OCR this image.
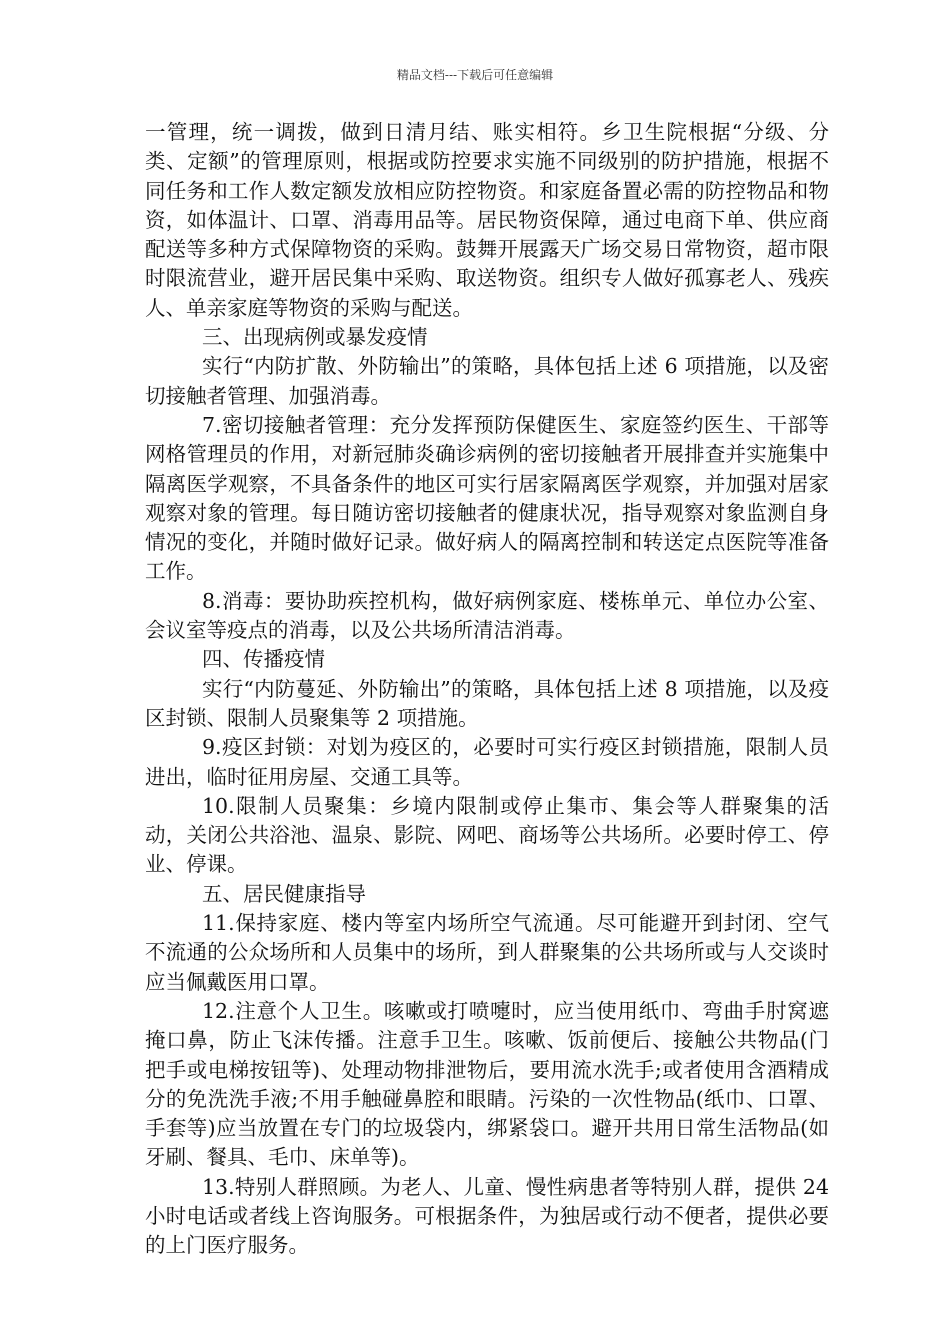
精品文档---下载后可任意编辑

一管理，统一调拨，做到日清月结、账实相符。乡卫生院根据“分级、分类、定额”的管理原则，根据或防控要求实施不同级别的防护措施，根据不同任务和工作人数定额发放相应防控物资。和家庭备置必需的防控物品和物资，如体温计、口罩、消毒用品等。居民物资保障，通过电商下单、供应商配送等多种方式保障物资的采购。鼓舞开展露天广场交易日常物资，超市限时限流营业，避开居民集中采购、取送物资。组织专人做好孤寡老人、残疾人、单亲家庭等物资的采购与配送。

三、出现病例或暴发疫情

实行“内防扩散、外防输出”的策略，具体包括上述 6 项措施，以及密切接触者管理、加强消毒。

7.密切接触者管理：充分发挥预防保健医生、家庭签约医生、干部等网格管理员的作用，对新冠肺炎确诊病例的密切接触者开展排查并实施集中隔离医学观察，不具备条件的地区可实行居家隔离医学观察，并加强对居家观察对象的管理。每日随访密切接触者的健康状况，指导观察对象监测自身情况的变化，并随时做好记录。做好病人的隔离控制和转送定点医院等准备工作。

8.消毒：要协助疾控机构，做好病例家庭、楼栋单元、单位办公室、会议室等疫点的消毒，以及公共场所清洁消毒。

四、传播疫情

实行“内防蔓延、外防输出”的策略，具体包括上述 8 项措施，以及疫区封锁、限制人员聚集等 2 项措施。

9.疫区封锁：对划为疫区的，必要时可实行疫区封锁措施，限制人员进出，临时征用房屋、交通工具等。

10.限制人员聚集：乡境内限制或停止集市、集会等人群聚集的活动，关闭公共浴池、温泉、影院、网吧、商场等公共场所。必要时停工、停业、停课。

五、居民健康指导

11.保持家庭、楼内等室内场所空气流通。尽可能避开到封闭、空气不流通的公众场所和人员集中的场所，到人群聚集的公共场所或与人交谈时应当佩戴医用口罩。

12.注意个人卫生。咳嗽或打喷嚏时，应当使用纸巾、弯曲手肘窝遮掩口鼻，防止飞沫传播。注意手卫生。咳嗽、饭前便后、接触公共物品(门把手或电梯按钮等)、处理动物排泄物后，要用流水洗手;或者使用含酒精成分的免洗洗手液;不用手触碰鼻腔和眼睛。污染的一次性物品(纸巾、口罩、手套等)应当放置在专门的垃圾袋内，绑紧袋口。避开共用日常生活物品(如牙刷、餐具、毛巾、床单等)。

13.特别人群照顾。为老人、儿童、慢性病患者等特别人群，提供 24 小时电话或者线上咨询服务。可根据条件，为独居或行动不便者，提供必要的上门医疗服务。
